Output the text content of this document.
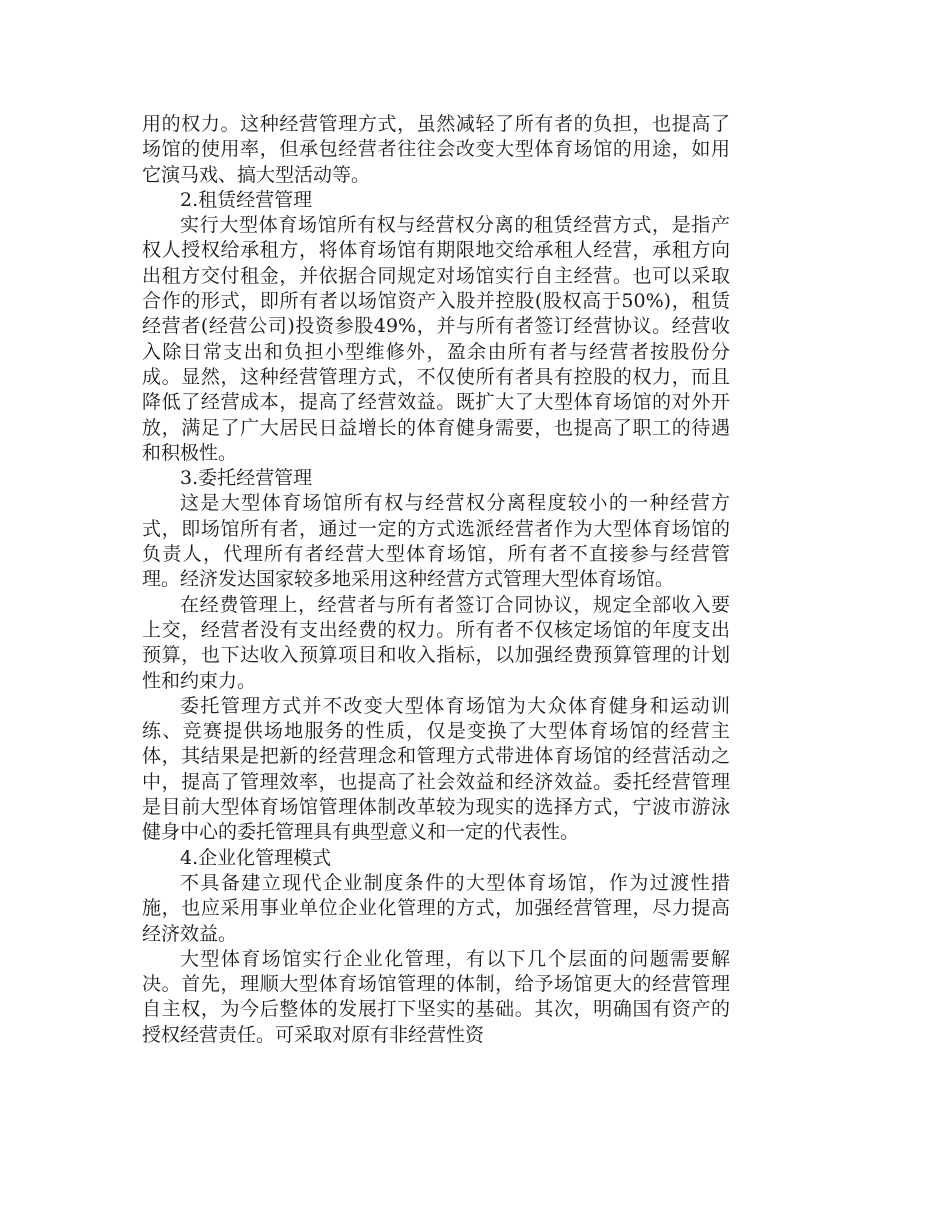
用的权力。这种经营管理方式，虽然减轻了所有者的负担，也提高了场馆的使用率，但承包经营者往往会改变大型体育场馆的用途，如用它演马戏、搞大型活动等。

2.租赁经营管理

实行大型体育场馆所有权与经营权分离的租赁经营方式，是指产权人授权给承租方，将体育场馆有期限地交给承租人经营，承租方向出租方交付租金，并依据合同规定对场馆实行自主经营。也可以采取合作的形式，即所有者以场馆资产入股并控股(股权高于50%)，租赁经营者(经营公司)投资参股49%，并与所有者签订经营协议。经营收入除日常支出和负担小型维修外，盈余由所有者与经营者按股份分成。显然，这种经营管理方式，不仅使所有者具有控股的权力，而且降低了经营成本，提高了经营效益。既扩大了大型体育场馆的对外开放，满足了广大居民日益增长的体育健身需要，也提高了职工的待遇和积极性。

3.委托经营管理

这是大型体育场馆所有权与经营权分离程度较小的一种经营方式，即场馆所有者，通过一定的方式选派经营者作为大型体育场馆的负责人，代理所有者经营大型体育场馆，所有者不直接参与经营管理。经济发达国家较多地采用这种经营方式管理大型体育场馆。

在经费管理上，经营者与所有者签订合同协议，规定全部收入要上交，经营者没有支出经费的权力。所有者不仅核定场馆的年度支出预算，也下达收入预算项目和收入指标，以加强经费预算管理的计划性和约束力。

委托管理方式并不改变大型体育场馆为大众体育健身和运动训练、竞赛提供场地服务的性质，仅是变换了大型体育场馆的经营主体，其结果是把新的经营理念和管理方式带进体育场馆的经营活动之中，提高了管理效率，也提高了社会效益和经济效益。委托经营管理是目前大型体育场馆管理体制改革较为现实的选择方式，宁波市游泳健身中心的委托管理具有典型意义和一定的代表性。

4.企业化管理模式

不具备建立现代企业制度条件的大型体育场馆，作为过渡性措施，也应采用事业单位企业化管理的方式，加强经营管理，尽力提高经济效益。

大型体育场馆实行企业化管理，有以下几个层面的问题需要解决。首先，理顺大型体育场馆管理的体制，给予场馆更大的经营管理自主权，为今后整体的发展打下坚实的基础。其次，明确国有资产的授权经营责任。可采取对原有非经营性资
